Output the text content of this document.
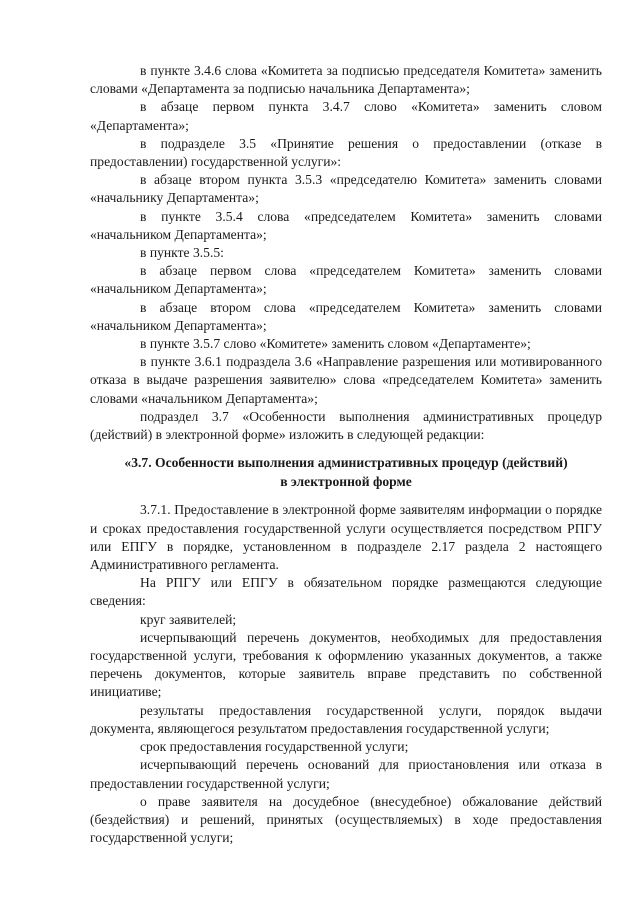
в пункте 3.4.6 слова «Комитета за подписью председателя Комитета» заменить словами «Департамента за подписью начальника Департамента»;

в абзаце первом пункта 3.4.7 слово «Комитета» заменить словом «Департамента»;

в подразделе 3.5 «Принятие решения о предоставлении (отказе в предоставлении) государственной услуги»:

в абзаце втором пункта 3.5.3 «председателю Комитета» заменить словами «начальнику Департамента»;

в пункте 3.5.4 слова «председателем Комитета» заменить словами «начальником Департамента»;

в пункте 3.5.5:

в абзаце первом слова «председателем Комитета» заменить словами «начальником Департамента»;

в абзаце втором слова «председателем Комитета» заменить словами «начальником Департамента»;

в пункте 3.5.7 слово «Комитете» заменить словом «Департаменте»;

в пункте 3.6.1 подраздела 3.6 «Направление разрешения или мотивированного отказа в выдаче разрешения заявителю» слова «председателем Комитета» заменить словами «начальником Департамента»;

подраздел 3.7 «Особенности выполнения административных процедур (действий) в электронной форме» изложить в следующей редакции:

«3.7. Особенности выполнения административных процедур (действий)
в электронной форме

3.7.1. Предоставление в электронной форме заявителям информации о порядке и сроках предоставления государственной услуги осуществляется посредством РПГУ или ЕПГУ в порядке, установленном в подразделе 2.17 раздела 2 настоящего Административного регламента.

На РПГУ или ЕПГУ в обязательном порядке размещаются следующие сведения:

круг заявителей;

исчерпывающий перечень документов, необходимых для предоставления государственной услуги, требования к оформлению указанных документов, а также перечень документов, которые заявитель вправе представить по собственной инициативе;

результаты предоставления государственной услуги, порядок выдачи документа, являющегося результатом предоставления государственной услуги;

срок предоставления государственной услуги;

исчерпывающий перечень оснований для приостановления или отказа в предоставлении государственной услуги;

о праве заявителя на досудебное (внесудебное) обжалование действий (бездействия) и решений, принятых (осуществляемых) в ходе предоставления государственной услуги;
